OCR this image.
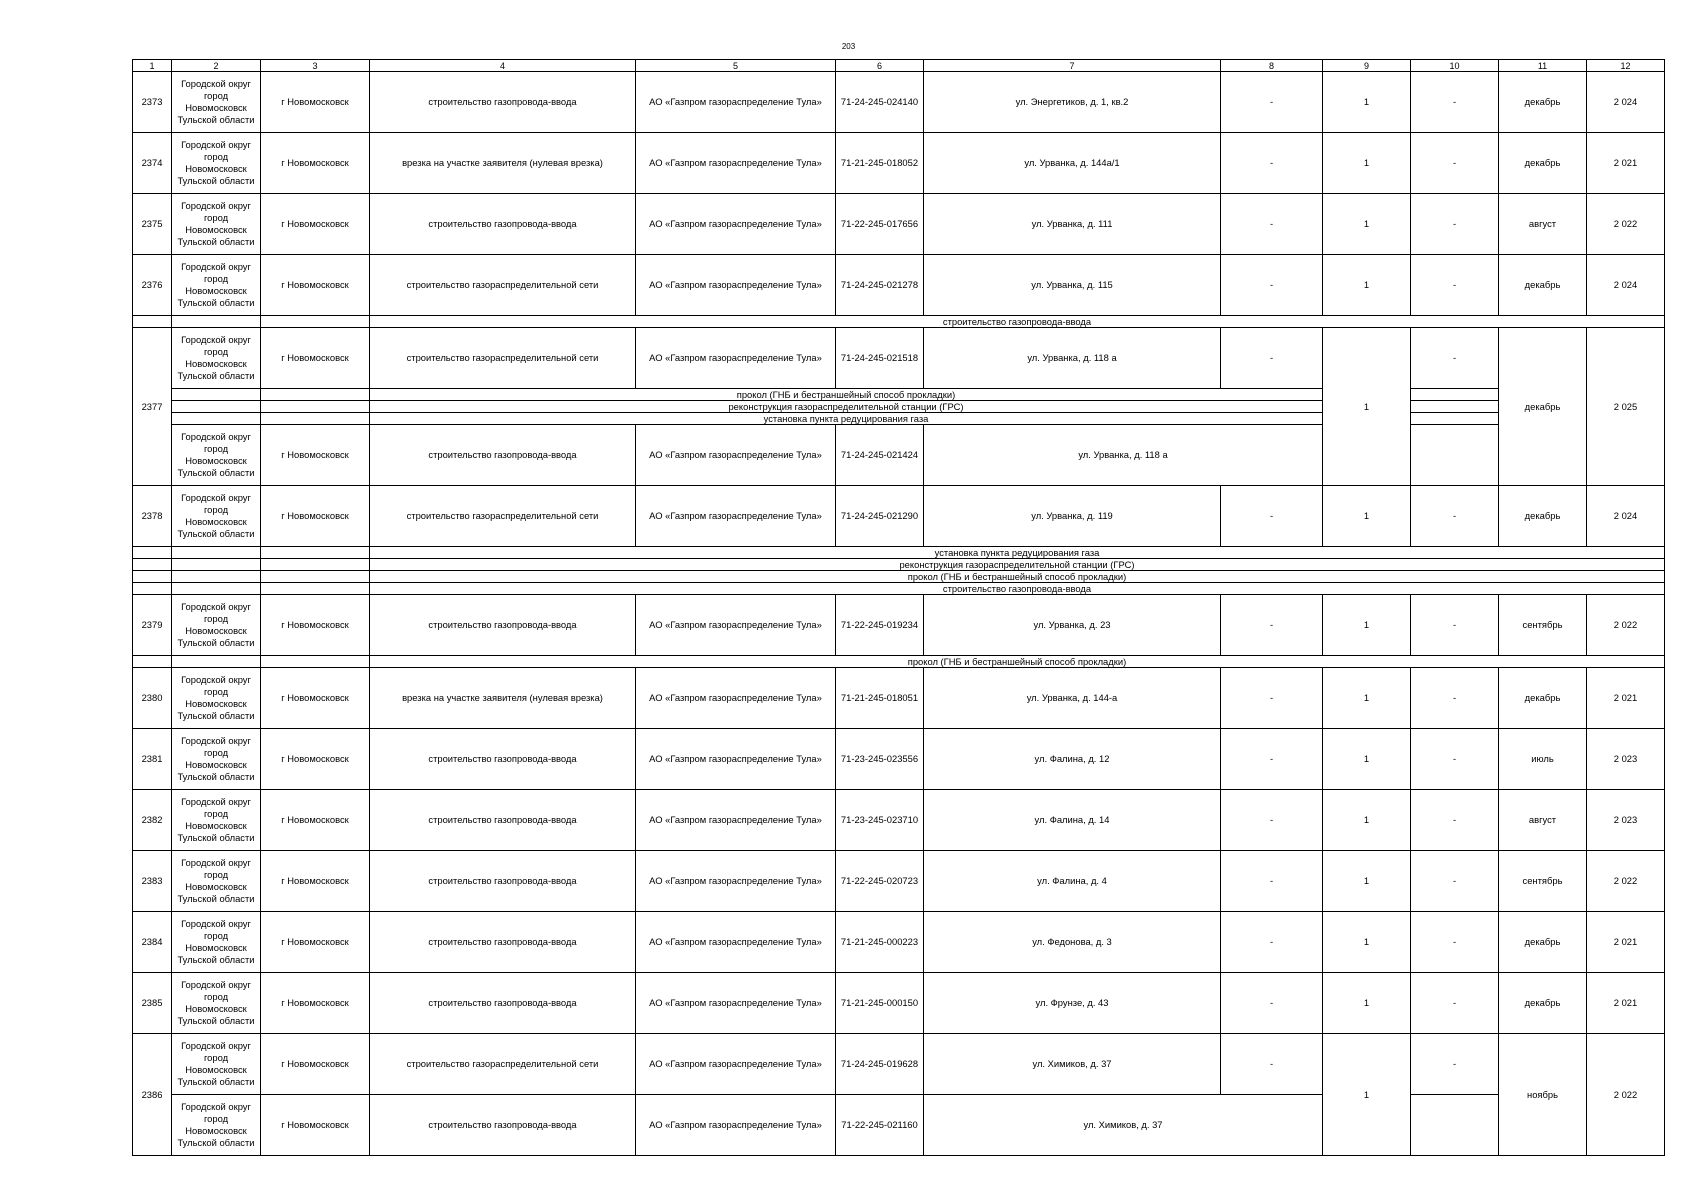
203
1	2	3	4	5	6	7	8	9	10	11	12
2373	Городской округ
город
Новомосковск
Тульской области	г Новомосковск	строительство газопровода-ввода	АО «Газпром газораспределение Тула»	71-24-245-024140	ул. Энергетиков, д. 1, кв.2	-	1	-	декабрь	2 024
2374	Городской округ
город
Новомосковск
Тульской области	г Новомосковск	врезка на участке заявителя (нулевая врезка)	АО «Газпром газораспределение Тула»	71-21-245-018052	ул. Урванка, д. 144а/1	-	1	-	декабрь	2 021
2375	Городской округ
город
Новомосковск
Тульской области	г Новомосковск	строительство газопровода-ввода	АО «Газпром газораспределение Тула»	71-22-245-017656	ул. Урванка, д. 111	-	1	-	август	2 022
2376	Городской округ
город
Новомосковск
Тульской области	г Новомосковск	строительство газораспределительной сети	АО «Газпром газораспределение Тула»	71-24-245-021278	ул. Урванка, д. 115	-	1	-	декабрь	2 024
			строительство газопровода-ввода								
2377	Городской округ
город
Новомосковск
Тульской области	г Новомосковск	строительство газораспределительной сети	АО «Газпром газораспределение Тула»	71-24-245-021518	ул. Урванка, д. 118 а	-	1	-	декабрь	2 025
			прокол (ГНБ и бестраншейный способ прокладки)								
			реконструкция газораспределительной станции (ГРС)								
			установка пункта редуцирования газа								

	Городской округ
город
Новомосковск
Тульской области	г Новомосковск	строительство газопровода-ввода	АО «Газпром газораспределение Тула»	71-24-245-021424	ул. Урванка, д. 118 а					
2378	Городской округ
город
Новомосковск
Тульской области	г Новомосковск	строительство газораспределительной сети	АО «Газпром газораспределение Тула»	71-24-245-021290	ул. Урванка, д. 119	-	1	-	декабрь	2 024
			установка пункта редуцирования газа								
			реконструкция газораспределительной станции (ГРС)								
			прокол (ГНБ и бестраншейный способ прокладки)								
			строительство газопровода-ввода								
2379	Городской округ
город
Новомосковск
Тульской области	г Новомосковск	строительство газопровода-ввода	АО «Газпром газораспределение Тула»	71-22-245-019234	ул. Урванка, д. 23	-	1	-	сентябрь	2 022
			прокол (ГНБ и бестраншейный способ прокладки)								
2380	Городской округ
город
Новомосковск
Тульской области	г Новомосковск	врезка на участке заявителя (нулевая врезка)	АО «Газпром газораспределение Тула»	71-21-245-018051	ул. Урванка, д. 144-а	-	1	-	декабрь	2 021
2381	Городской округ
город
Новомосковск
Тульской области	г Новомосковск	строительство газопровода-ввода	АО «Газпром газораспределение Тула»	71-23-245-023556	ул. Фалина, д. 12	-	1	-	июль	2 023
2382	Городской округ
город
Новомосковск
Тульской области	г Новомосковск	строительство газопровода-ввода	АО «Газпром газораспределение Тула»	71-23-245-023710	ул. Фалина, д. 14	-	1	-	август	2 023
2383	Городской округ
город
Новомосковск
Тульской области	г Новомосковск	строительство газопровода-ввода	АО «Газпром газораспределение Тула»	71-22-245-020723	ул. Фалина, д. 4	-	1	-	сентябрь	2 022
2384	Городской округ
город
Новомосковск
Тульской области	г Новомосковск	строительство газопровода-ввода	АО «Газпром газораспределение Тула»	71-21-245-000223	ул. Федонова, д. 3	-	1	-	декабрь	2 021
2385	Городской округ
город
Новомосковск
Тульской области	г Новомосковск	строительство газопровода-ввода	АО «Газпром газораспределение Тула»	71-21-245-000150	ул. Фрунзе, д. 43	-	1	-	декабрь	2 021
2386	Городской округ
город
Новомосковск
Тульской области	г Новомосковск	строительство газораспределительной сети	АО «Газпром газораспределение Тула»	71-24-245-019628	ул. Химиков, д. 37	-	1	-	ноябрь	2 022

	Городской округ
город
Новомосковск
Тульской области	г Новомосковск	строительство газопровода-ввода	АО «Газпром газораспределение Тула»	71-22-245-021160	ул. Химиков, д. 37					
